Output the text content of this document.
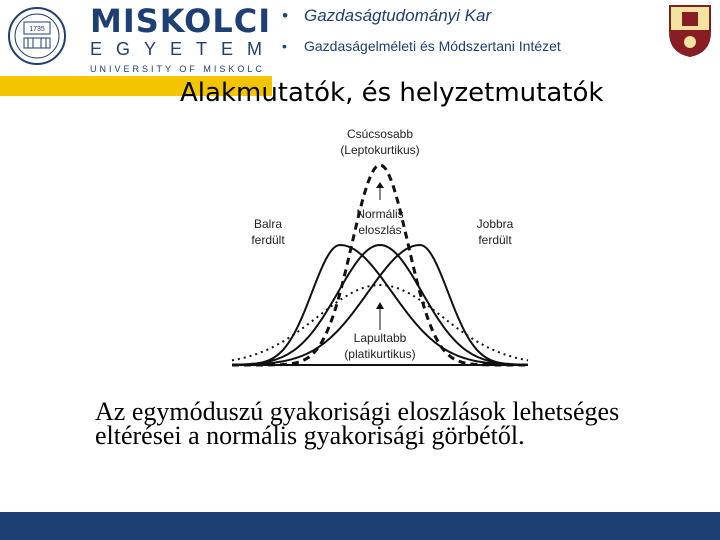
1735 MISKOLCI
EGYETEM
UNIVERSITY OF MISKOLC
• Gazdaságtudományi Kar
• Gazdaságelméleti és Módszertani Intézet
Alakmutatók, és helyzetmutatók
Csúcsosabb
(Leptokurtikus)
Normális
eloszlás
Balra
ferdült
Jobbra
ferdült
Lapultabb
(platikurtikus)
Az egymóduszú gyakorisági eloszlások lehetséges eltérései a normális gyakorisági görbétől.
